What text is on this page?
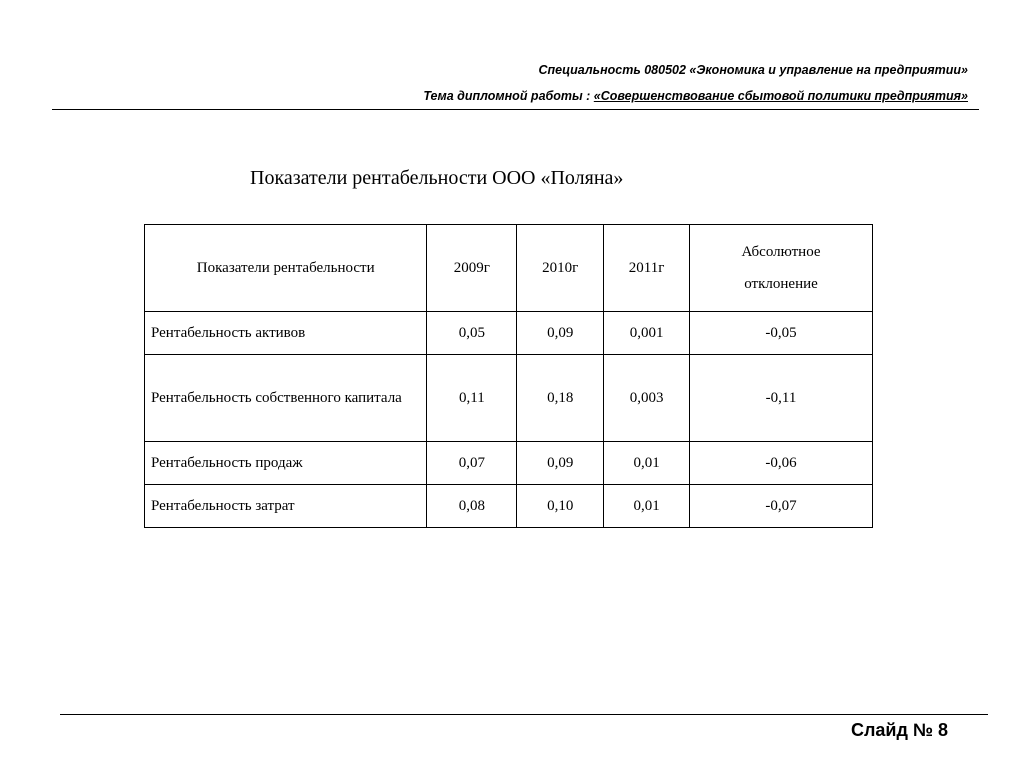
Специальность 080502 «Экономика и управление на предприятии»
Тема дипломной работы : «Совершенствование сбытовой политики предприятия»
Показатели рентабельности ООО «Поляна»
Показатели рентабельности	2009г	2010г	2011г	Абсолютное отклонение
Рентабельность активов	0,05	0,09	0,001	-0,05
Рентабельность собственного капитала	0,11	0,18	0,003	-0,11
Рентабельность продаж	0,07	0,09	0,01	-0,06
Рентабельность затрат	0,08	0,10	0,01	-0,07
Слайд № 8
